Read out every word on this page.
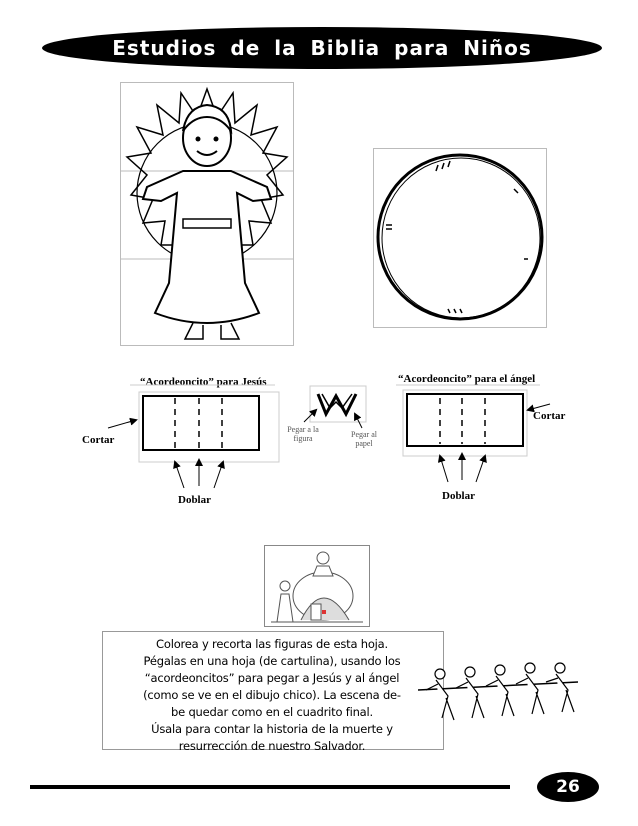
Estudios de la Biblia para Niños
“Acordeoncito” para Jesús	“Acordeoncito” para el ángel
Cortar
Cortar
Doblar	Doblar
Pegar a la figura	Pegar al papel
Colorea y recorta las figuras de esta hoja.
Pégalas en una hoja (de cartulina), usando los
“acordeoncitos” para pegar a Jesús y al ángel
(como se ve en el dibujo chico). La escena de-
be quedar como en el cuadrito final.
Úsala para contar la historia de la muerte y
resurrección de nuestro Salvador.
26
